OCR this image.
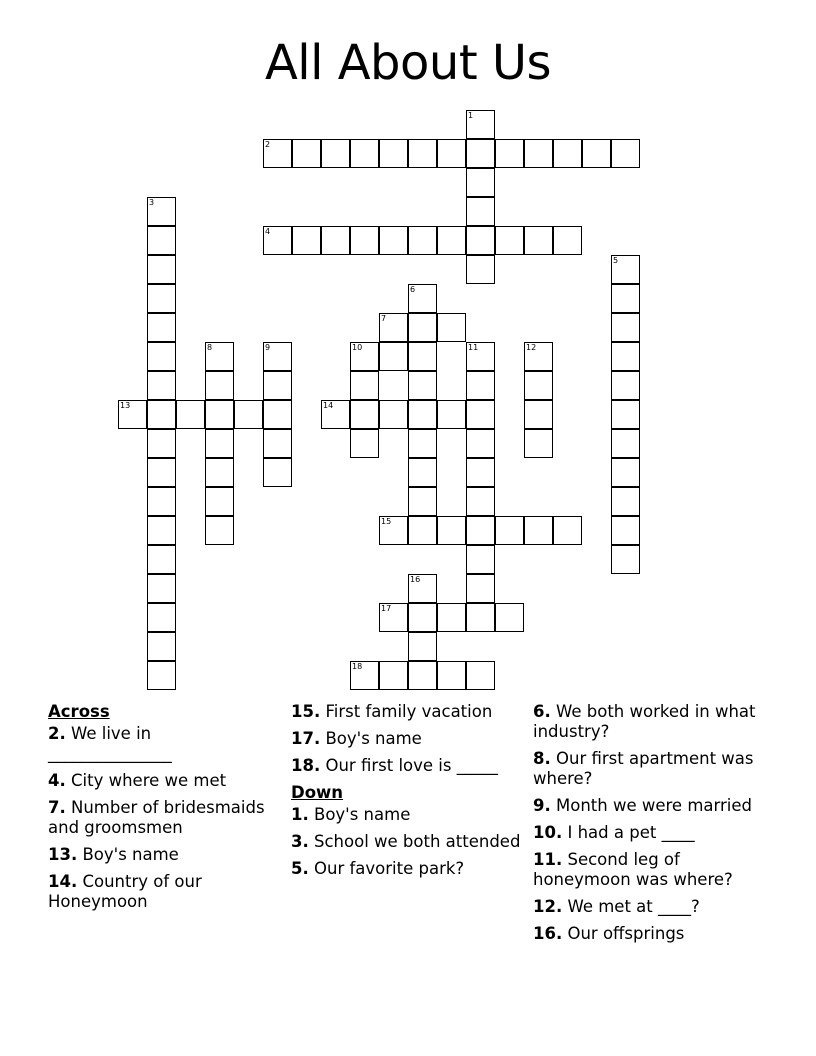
All About Us
2
4
13	14
15
17
18
1
3
5
6
7
8	9	10	11	12
16
Across
2. We live in _______________
4. City where we met
7. Number of bridesmaids and groomsmen
13. Boy's name
14. Country of our Honeymoon
15. First family vacation
17. Boy's name
18. Our first love is _____
Down
1. Boy's name
3. School we both attended
5. Our favorite park?
6. We both worked in what industry?
8. Our first apartment was where?
9. Month we were married
10. I had a pet ____
11. Second leg of honeymoon was where?
12. We met at ____?
16. Our offsprings
